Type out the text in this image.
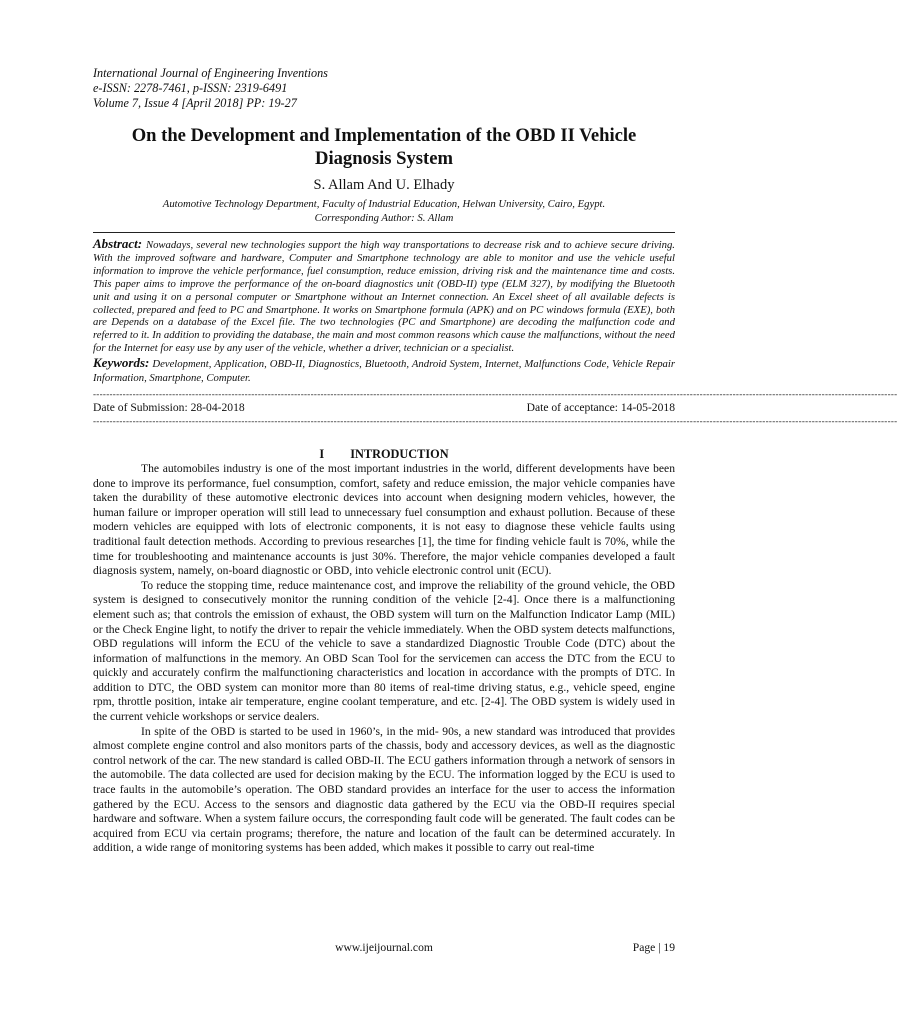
International Journal of Engineering Inventions
e-ISSN: 2278-7461, p-ISSN: 2319-6491
Volume 7, Issue 4 [April 2018] PP: 19-27
On the Development and Implementation of the OBD II Vehicle Diagnosis System
S. Allam And U. Elhady
Automotive Technology Department, Faculty of Industrial Education, Helwan University, Cairo, Egypt.
Corresponding Author: S. Allam
Abstract: Nowadays, several new technologies support the high way transportations to decrease risk and to achieve secure driving. With the improved software and hardware, Computer and Smartphone technology are able to monitor and use the vehicle useful information to improve the vehicle performance, fuel consumption, reduce emission, driving risk and the maintenance time and costs. This paper aims to improve the performance of the on-board diagnostics unit (OBD-II) type (ELM 327), by modifying the Bluetooth unit and using it on a personal computer or Smartphone without an Internet connection. An Excel sheet of all available defects is collected, prepared and feed to PC and Smartphone. It works on Smartphone formula (APK) and on PC windows formula (EXE), both are Depends on a database of the Excel file. The two technologies (PC and Smartphone) are decoding the malfunction code and referred to it. In addition to providing the database, the main and most common reasons which cause the malfunctions, without the need for the Internet for easy use by any user of the vehicle, whether a driver, technician or a specialist.
Keywords: Development, Application, OBD-II, Diagnostics, Bluetooth, Android System, Internet, Malfunctions Code, Vehicle Repair Information, Smartphone, Computer.
----------------------------------------------------------------------------------------------------------------------------------------------------------------------------------------------------------------------------------------------------
Date of Submission: 28-04-2018	Date of acceptance: 14-05-2018
----------------------------------------------------------------------------------------------------------------------------------------------------------------------------------------------------------------------------------------------------
I INTRODUCTION

The automobiles industry is one of the most important industries in the world, different developments have been done to improve its performance, fuel consumption, comfort, safety and reduce emission, the major vehicle companies have taken the durability of these automotive electronic devices into account when designing modern vehicles, however, the human failure or improper operation will still lead to unnecessary fuel consumption and exhaust pollution. Because of these modern vehicles are equipped with lots of electronic components, it is not easy to diagnose these vehicle faults using traditional fault detection methods. According to previous researches [1], the time for finding vehicle fault is 70%, while the time for troubleshooting and maintenance accounts is just 30%. Therefore, the major vehicle companies developed a fault diagnosis system, namely, on-board diagnostic or OBD, into vehicle electronic control unit (ECU).

To reduce the stopping time, reduce maintenance cost, and improve the reliability of the ground vehicle, the OBD system is designed to consecutively monitor the running condition of the vehicle [2-4]. Once there is a malfunctioning element such as; that controls the emission of exhaust, the OBD system will turn on the Malfunction Indicator Lamp (MIL) or the Check Engine light, to notify the driver to repair the vehicle immediately. When the OBD system detects malfunctions, OBD regulations will inform the ECU of the vehicle to save a standardized Diagnostic Trouble Code (DTC) about the information of malfunctions in the memory. An OBD Scan Tool for the servicemen can access the DTC from the ECU to quickly and accurately confirm the malfunctioning characteristics and location in accordance with the prompts of DTC. In addition to DTC, the OBD system can monitor more than 80 items of real-time driving status, e.g., vehicle speed, engine rpm, throttle position, intake air temperature, engine coolant temperature, and etc. [2-4]. The OBD system is widely used in the current vehicle workshops or service dealers.

In spite of the OBD is started to be used in 1960’s, in the mid- 90s, a new standard was introduced that provides almost complete engine control and also monitors parts of the chassis, body and accessory devices, as well as the diagnostic control network of the car. The new standard is called OBD-II. The ECU gathers information through a network of sensors in the automobile. The data collected are used for decision making by the ECU. The information logged by the ECU is used to trace faults in the automobile’s operation. The OBD standard provides an interface for the user to access the information gathered by the ECU. Access to the sensors and diagnostic data gathered by the ECU via the OBD-II requires special hardware and software. When a system failure occurs, the corresponding fault code will be generated. The fault codes can be acquired from ECU via certain programs; therefore, the nature and location of the fault can be determined accurately. In addition, a wide range of monitoring systems has been added, which makes it possible to carry out real-time

www.ijeijournal.com	Page | 19
